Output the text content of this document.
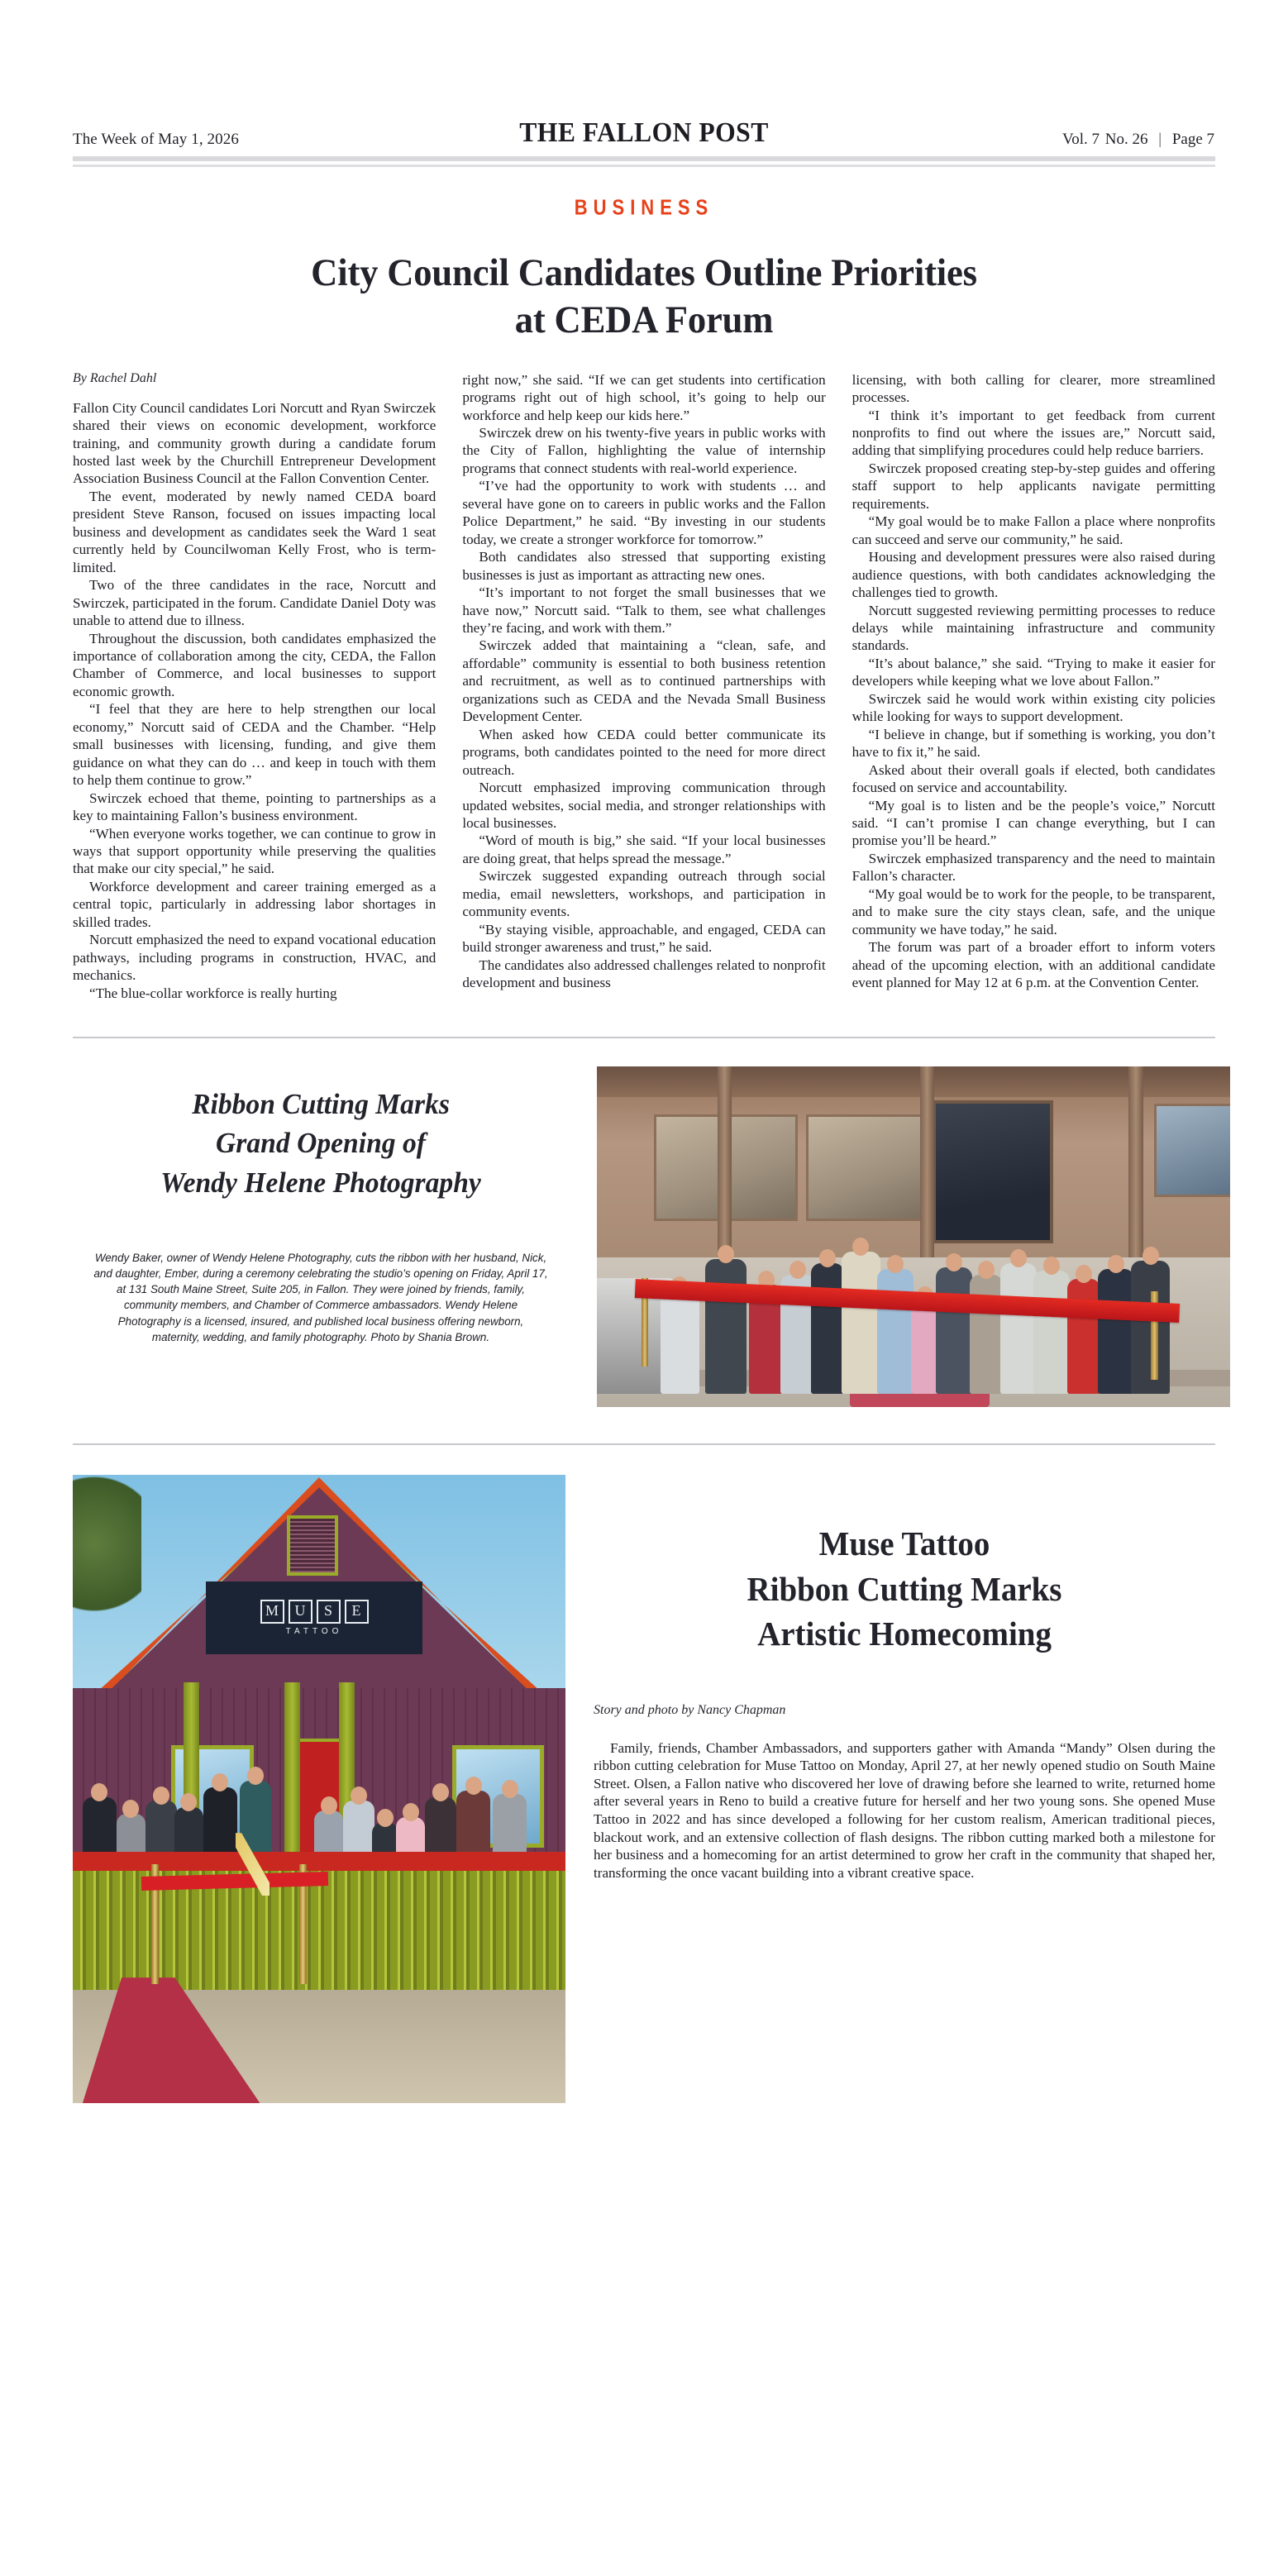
The Week of May 1, 2026	THE FALLON POST	Vol. 7 No. 26 | Page 7
BUSINESS
City Council Candidates Outline Priorities
at CEDA Forum
By Rachel Dahl

Fallon City Council candidates Lori Norcutt and Ryan Swirczek shared their views on economic development, workforce training, and community growth during a candidate forum hosted last week by the Churchill Entrepreneur Development Association Business Council at the Fallon Convention Center.

The event, moderated by newly named CEDA board president Steve Ranson, focused on issues impacting local business and development as candidates seek the Ward 1 seat currently held by Councilwoman Kelly Frost, who is term-limited.

Two of the three candidates in the race, Norcutt and Swirczek, participated in the forum. Candidate Daniel Doty was unable to attend due to illness.

Throughout the discussion, both candidates emphasized the importance of collaboration among the city, CEDA, the Fallon Chamber of Commerce, and local businesses to support economic growth.

“I feel that they are here to help strengthen our local economy,” Norcutt said of CEDA and the Chamber. “Help small businesses with licensing, funding, and give them guidance on what they can do … and keep in touch with them to help them continue to grow.”

Swirczek echoed that theme, pointing to partnerships as a key to maintaining Fallon’s business environment.

“When everyone works together, we can continue to grow in ways that support opportunity while preserving the qualities that make our city special,” he said.

Workforce development and career training emerged as a central topic, particularly in addressing labor shortages in skilled trades.

Norcutt emphasized the need to expand vocational education pathways, including programs in construction, HVAC, and mechanics.

“The blue-collar workforce is really hurting

right now,” she said. “If we can get students into certification programs right out of high school, it’s going to help our workforce and help keep our kids here.”

Swirczek drew on his twenty-five years in public works with the City of Fallon, highlighting the value of internship programs that connect students with real-world experience.

“I’ve had the opportunity to work with students … and several have gone on to careers in public works and the Fallon Police Department,” he said. “By investing in our students today, we create a stronger workforce for tomorrow.”

Both candidates also stressed that supporting existing businesses is just as important as attracting new ones.

“It’s important to not forget the small businesses that we have now,” Norcutt said. “Talk to them, see what challenges they’re facing, and work with them.”

Swirczek added that maintaining a “clean, safe, and affordable” community is essential to both business retention and recruitment, as well as to continued partnerships with organizations such as CEDA and the Nevada Small Business Development Center.

When asked how CEDA could better communicate its programs, both candidates pointed to the need for more direct outreach.

Norcutt emphasized improving communication through updated websites, social media, and stronger relationships with local businesses.

“Word of mouth is big,” she said. “If your local businesses are doing great, that helps spread the message.”

Swirczek suggested expanding outreach through social media, email newsletters, workshops, and participation in community events.

“By staying visible, approachable, and engaged, CEDA can build stronger awareness and trust,” he said.

The candidates also addressed challenges related to nonprofit development and business

licensing, with both calling for clearer, more streamlined processes.

“I think it’s important to get feedback from current nonprofits to find out where the issues are,” Norcutt said, adding that simplifying procedures could help reduce barriers.

Swirczek proposed creating step-by-step guides and offering staff support to help applicants navigate permitting requirements.

“My goal would be to make Fallon a place where nonprofits can succeed and serve our community,” he said.

Housing and development pressures were also raised during audience questions, with both candidates acknowledging the challenges tied to growth.

Norcutt suggested reviewing permitting processes to reduce delays while maintaining infrastructure and community standards.

“It’s about balance,” she said. “Trying to make it easier for developers while keeping what we love about Fallon.”

Swirczek said he would work within existing city policies while looking for ways to support development.

“I believe in change, but if something is working, you don’t have to fix it,” he said.

Asked about their overall goals if elected, both candidates focused on service and accountability.

“My goal is to listen and be the people’s voice,” Norcutt said. “I can’t promise I can change everything, but I can promise you’ll be heard.”

Swirczek emphasized transparency and the need to maintain Fallon’s character.

“My goal would be to work for the people, to be transparent, and to make sure the city stays clean, safe, and the unique community we have today,” he said.

The forum was part of a broader effort to inform voters ahead of the upcoming election, with an additional candidate event planned for May 12 at 6 p.m. at the Convention Center.

Ribbon Cutting Marks
Grand Opening of
Wendy Helene Photography
Wendy Baker, owner of Wendy Helene Photography, cuts the ribbon with her husband, Nick, and daughter, Ember, during a ceremony celebrating the studio’s opening on Friday, April 17, at 131 South Maine Street, Suite 205, in Fallon. They were joined by friends, family, community members, and Chamber of Commerce ambassadors. Wendy Helene Photography is a licensed, insured, and published local business offering newborn, maternity, wedding, and family photography. Photo by Shania Brown.
M	U	S	E
TATTOO
Muse Tattoo
Ribbon Cutting Marks
Artistic Homecoming
Story and photo by Nancy Chapman

Family, friends, Chamber Ambassadors, and supporters gather with Amanda “Mandy” Olsen during the ribbon cutting celebration for Muse Tattoo on Monday, April 27, at her newly opened studio on South Maine Street. Olsen, a Fallon native who discovered her love of drawing before she learned to write, returned home after several years in Reno to build a creative future for herself and her two young sons. She opened Muse Tattoo in 2022 and has since developed a following for her custom realism, American traditional pieces, blackout work, and an extensive collection of flash designs. The ribbon cutting marked both a milestone for her business and a homecoming for an artist determined to grow her craft in the community that shaped her, transforming the once vacant building into a vibrant creative space.
